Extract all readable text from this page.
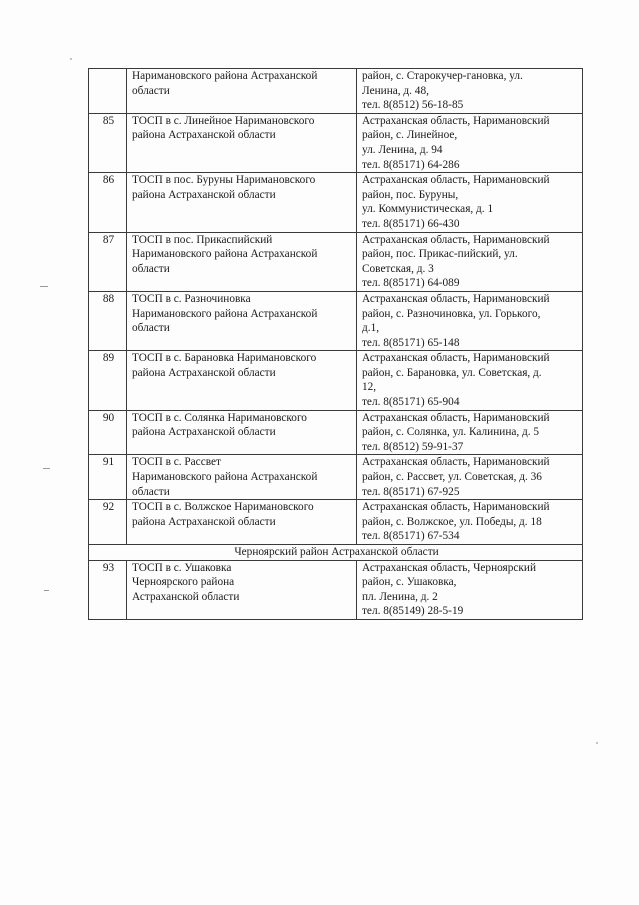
	Наримановского района Астраханской
области	район, с. Старокучер-гановка, ул.
Ленина, д. 48,
тел. 8(8512) 56-18-85

85	ТОСП в с. Линейное Наримановского
района Астраханской области	Астраханская область, Наримановский
район, с. Линейное,
ул. Ленина, д. 94
тел. 8(85171) 64-286

86	ТОСП в пос. Буруны Наримановского
района Астраханской области	Астраханская область, Наримановский
район, пос. Буруны,
ул. Коммунистическая, д. 1
тел. 8(85171) 66-430

87	ТОСП в пос. Прикаспийский
Наримановского района Астраханской
области	Астраханская область, Наримановский
район, пос. Прикас-пийский, ул.
Советская, д. 3
тел. 8(85171) 64-089

88	ТОСП в с. Разночиновка
Наримановского района Астраханской
области	Астраханская область, Наримановский
район, с. Разночиновка, ул. Горького,
д.1,
тел. 8(85171) 65-148

89	ТОСП в с. Барановка Наримановского
района Астраханской области	Астраханская область, Наримановский
район, с. Барановка, ул. Советская, д.
12,
тел. 8(85171) 65-904

90	ТОСП в с. Солянка Наримановского
района Астраханской области	Астраханская область, Наримановский
район, с. Солянка, ул. Калинина, д. 5
тел. 8(8512) 59-91-37

91	ТОСП в с. Рассвет
Наримановского района Астраханской
области	Астраханская область, Наримановский
район, с. Рассвет, ул. Советская, д. 36
тел. 8(85171) 67-925

92	ТОСП в с. Волжское Наримановского
района Астраханской области	Астраханская область, Наримановский
район, с. Волжское, ул. Победы, д. 18
тел. 8(85171) 67-534

Черноярский район Астраханской области		
93	ТОСП в с. Ушаковка
Черноярского района
Астраханской области	Астраханская область, Черноярский
район, с. Ушаковка,
пл. Ленина, д. 2
тел. 8(85149) 28-5-19
